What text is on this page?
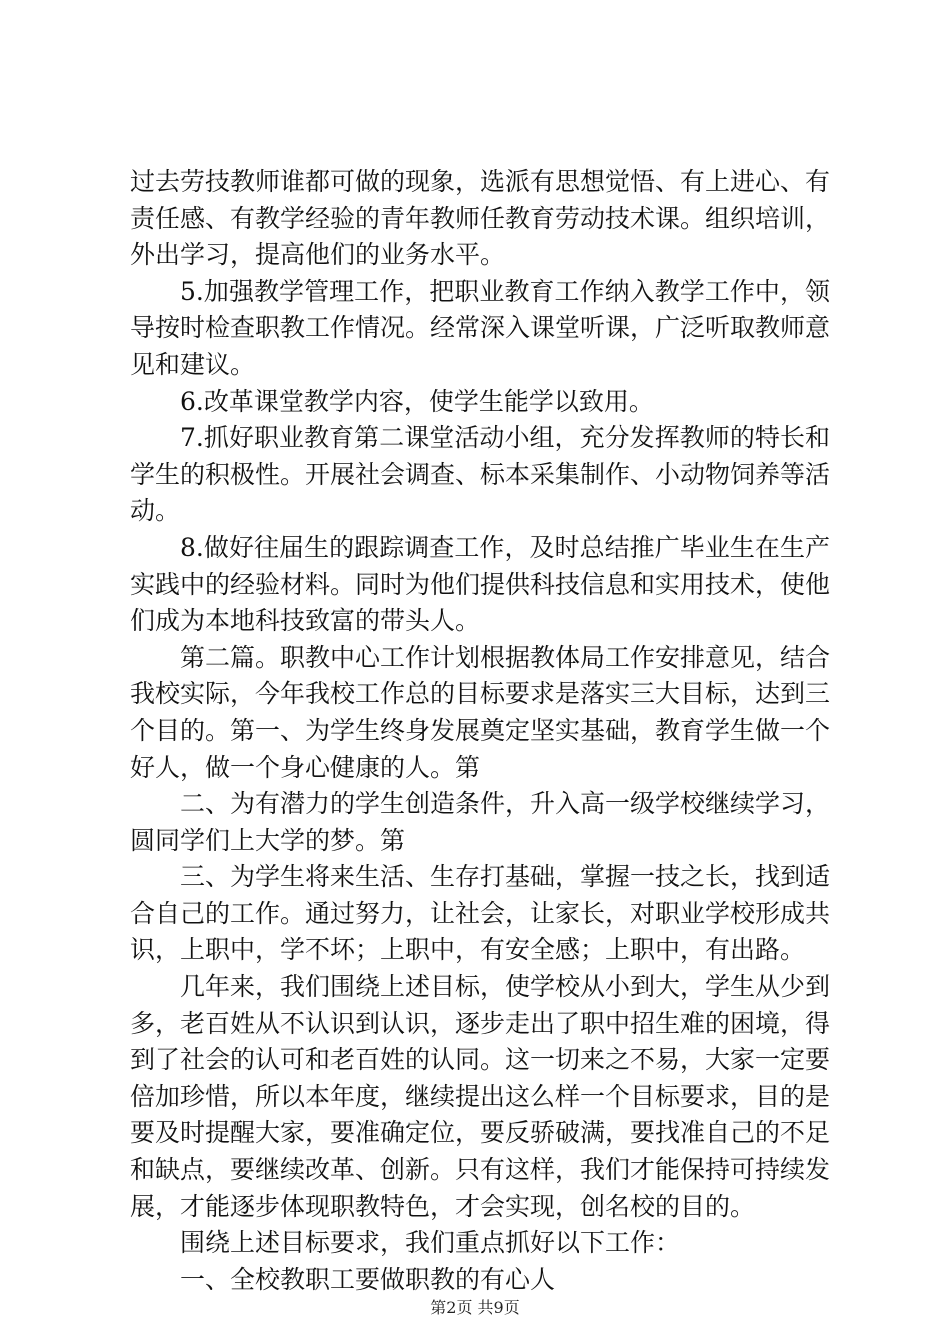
过去劳技教师谁都可做的现象，选派有思想觉悟、有上进心、有责任感、有教学经验的青年教师任教育劳动技术课。组织培训，外出学习，提高他们的业务水平。

5.加强教学管理工作，把职业教育工作纳入教学工作中，领导按时检查职教工作情况。经常深入课堂听课，广泛听取教师意见和建议。

6.改革课堂教学内容，使学生能学以致用。

7.抓好职业教育第二课堂活动小组，充分发挥教师的特长和学生的积极性。开展社会调查、标本采集制作、小动物饲养等活动。

8.做好往届生的跟踪调查工作，及时总结推广毕业生在生产实践中的经验材料。同时为他们提供科技信息和实用技术，使他们成为本地科技致富的带头人。

第二篇。职教中心工作计划根据教体局工作安排意见，结合我校实际，今年我校工作总的目标要求是落实三大目标，达到三个目的。第一、为学生终身发展奠定坚实基础，教育学生做一个好人，做一个身心健康的人。第

二、为有潜力的学生创造条件，升入高一级学校继续学习，圆同学们上大学的梦。第

三、为学生将来生活、生存打基础，掌握一技之长，找到适合自己的工作。通过努力，让社会，让家长，对职业学校形成共识，上职中，学不坏；上职中，有安全感；上职中，有出路。

几年来，我们围绕上述目标，使学校从小到大，学生从少到多，老百姓从不认识到认识，逐步走出了职中招生难的困境，得到了社会的认可和老百姓的认同。这一切来之不易，大家一定要倍加珍惜，所以本年度，继续提出这么样一个目标要求，目的是要及时提醒大家，要准确定位，要反骄破满，要找准自己的不足和缺点，要继续改革、创新。只有这样，我们才能保持可持续发展，才能逐步体现职教特色，才会实现，创名校的目的。

围绕上述目标要求，我们重点抓好以下工作：

一、全校教职工要做职教的有心人

第2页 共9页
